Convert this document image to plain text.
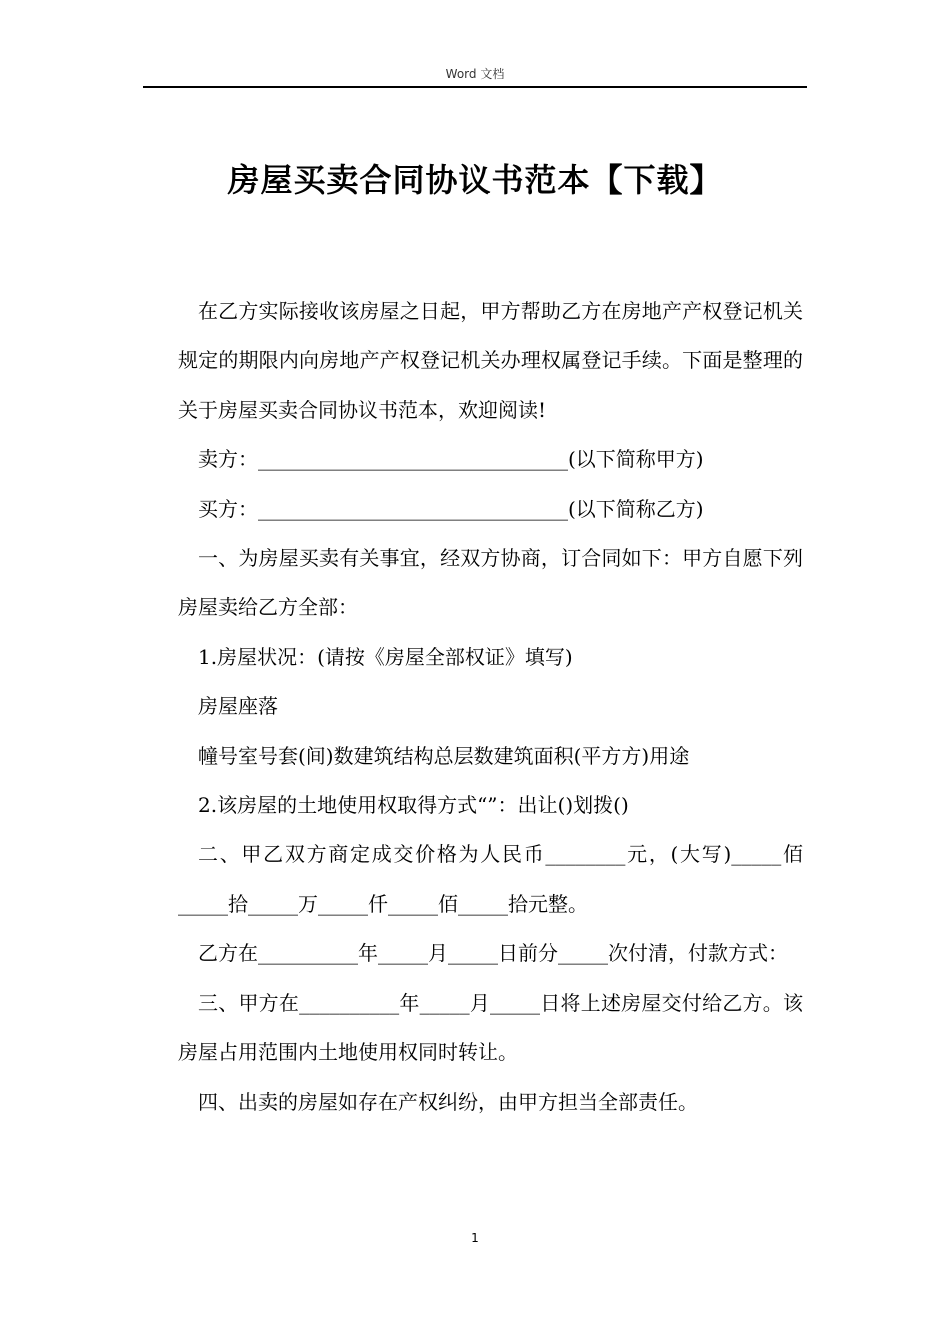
Word 文档
房屋买卖合同协议书范本【下载】

在乙方实际接收该房屋之日起，甲方帮助乙方在房地产产权登记机关规定的期限内向房地产产权登记机关办理权属登记手续。下面是整理的关于房屋买卖合同协议书范本，欢迎阅读!

卖方：_______________________________(以下简称甲方)

买方：_______________________________(以下简称乙方)

一、为房屋买卖有关事宜，经双方协商，订合同如下：甲方自愿下列房屋卖给乙方全部：

1.房屋状况：(请按《房屋全部权证》填写)

房屋座落

幢号室号套(间)数建筑结构总层数建筑面积(平方方)用途

2.该房屋的土地使用权取得方式“”：出让()划拨()

二、甲乙双方商定成交价格为人民币________元，(大写)_____佰_____拾_____万_____仟_____佰_____拾元整。

乙方在__________年_____月_____日前分_____次付清，付款方式：

三、甲方在__________年_____月_____日将上述房屋交付给乙方。该房屋占用范围内土地使用权同时转让。

四、出卖的房屋如存在产权纠纷，由甲方担当全部责任。

1
